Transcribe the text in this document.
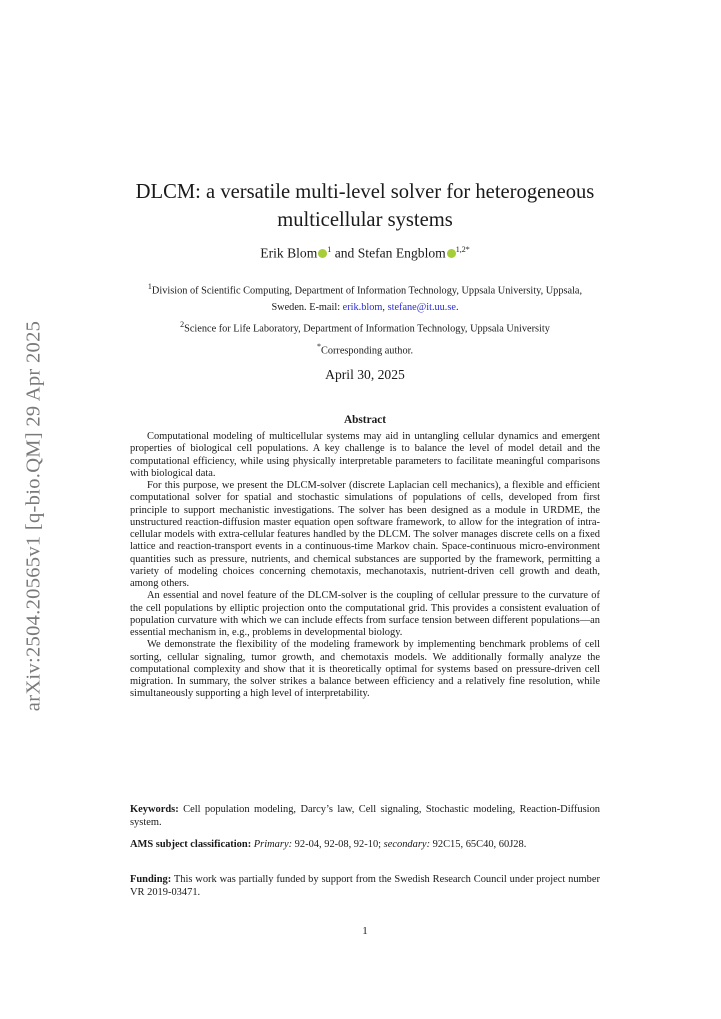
arXiv:2504.20565v1 [q-bio.QM] 29 Apr 2025
DLCM: a versatile multi-level solver for heterogeneous
multicellular systems
Erik Blom $^1$ and Stefan Engblom $^{1,2*}$
$^1$Division of Scientific Computing, Department of Information Technology, Uppsala University, Uppsala,
Sweden. E-mail: erik.blom, stefane@it.uu.se.
$^2$Science for Life Laboratory, Department of Information Technology, Uppsala University
*Corresponding author.
April 30, 2025
Abstract

Computational modeling of multicellular systems may aid in untangling cellular dynamics and emergent properties of biological cell populations. A key challenge is to balance the level of model detail and the computational efficiency, while using physically interpretable parameters to facilitate meaningful comparisons with biological data.

For this purpose, we present the DLCM-solver (discrete Laplacian cell mechanics), a flexible and efficient computational solver for spatial and stochastic simulations of populations of cells, developed from first principle to support mechanistic investigations. The solver has been designed as a module in URDME, the unstructured reaction-diffusion master equation open software framework, to allow for the integration of intra-cellular models with extra-cellular features handled by the DLCM. The solver manages discrete cells on a fixed lattice and reaction-transport events in a continuous-time Markov chain. Space-continuous micro-environment quantities such as pressure, nutrients, and chemical substances are supported by the framework, permitting a variety of modeling choices concerning chemotaxis, mechanotaxis, nutrient-driven cell growth and death, among others.

An essential and novel feature of the DLCM-solver is the coupling of cellular pressure to the curvature of the cell populations by elliptic projection onto the computational grid. This provides a consistent evaluation of population curvature with which we can include effects from surface tension between different populations—an essential mechanism in, e.g., problems in developmental biology.

We demonstrate the flexibility of the modeling framework by implementing benchmark problems of cell sorting, cellular signaling, tumor growth, and chemotaxis models. We additionally formally analyze the computational complexity and show that it is theoretically optimal for systems based on pressure-driven cell migration. In summary, the solver strikes a balance between efficiency and a relatively fine resolution, while simultaneously supporting a high level of interpretability.

Keywords: Cell population modeling, Darcy’s law, Cell signaling, Stochastic modeling, Reaction-Diffusion system.
AMS subject classification: Primary: 92-04, 92-08, 92-10; secondary: 92C15, 65C40, 60J28.
Funding: This work was partially funded by support from the Swedish Research Council under project number VR 2019-03471.
1
